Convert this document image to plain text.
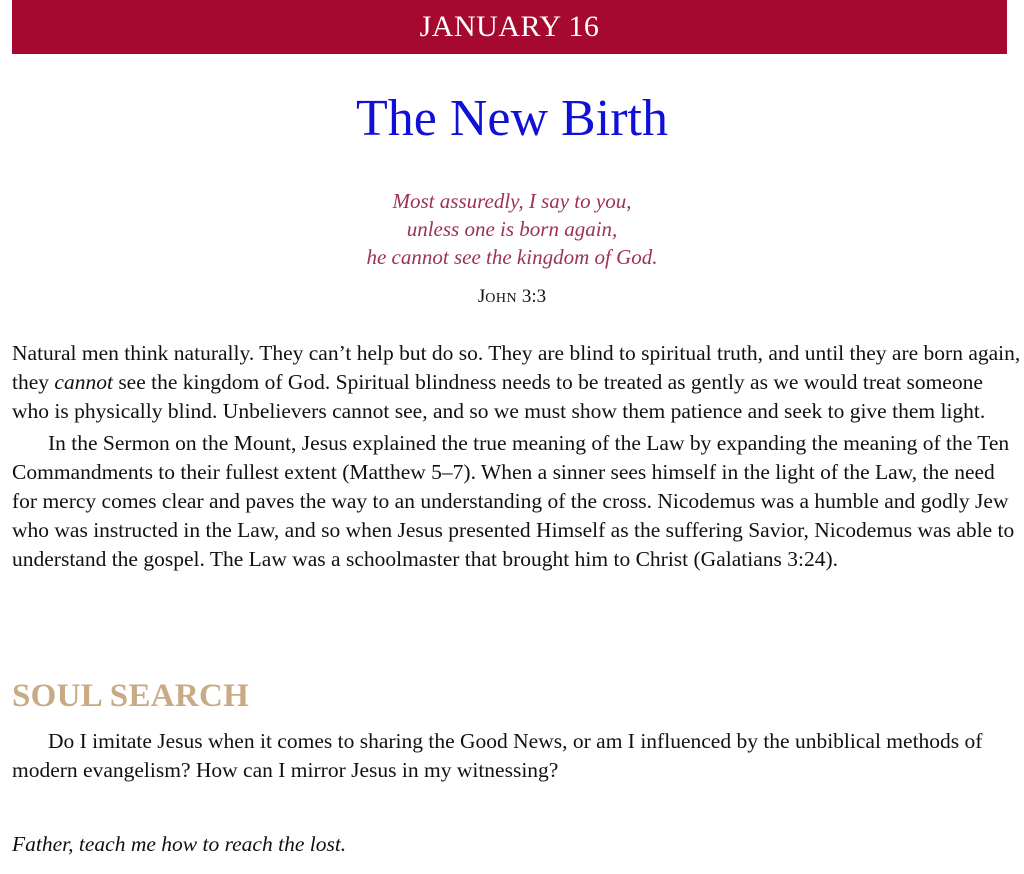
JANUARY 16
The New Birth
Most assuredly, I say to you,
unless one is born again,
he cannot see the kingdom of God.
JOHN 3:3

Natural men think naturally. They can’t help but do so. They are blind to spiritual truth, and until they are born again, they cannot see the kingdom of God. Spiritual blindness needs to be treated as gently as we would treat someone who is physically blind. Unbelievers cannot see, and so we must show them patience and seek to give them light.

In the Sermon on the Mount, Jesus explained the true meaning of the Law by expanding the meaning of the Ten Commandments to their fullest extent (Matthew 5–7). When a sinner sees himself in the light of the Law, the need for mercy comes clear and paves the way to an understanding of the cross. Nicodemus was a humble and godly Jew who was instructed in the Law, and so when Jesus presented Himself as the suffering Savior, Nicodemus was able to understand the gospel. The Law was a schoolmaster that brought him to Christ (Galatians 3:24).

SOUL SEARCH

Do I imitate Jesus when it comes to sharing the Good News, or am I influenced by the unbiblical methods of modern evangelism? How can I mirror Jesus in my witnessing?

Father, teach me how to reach the lost.
